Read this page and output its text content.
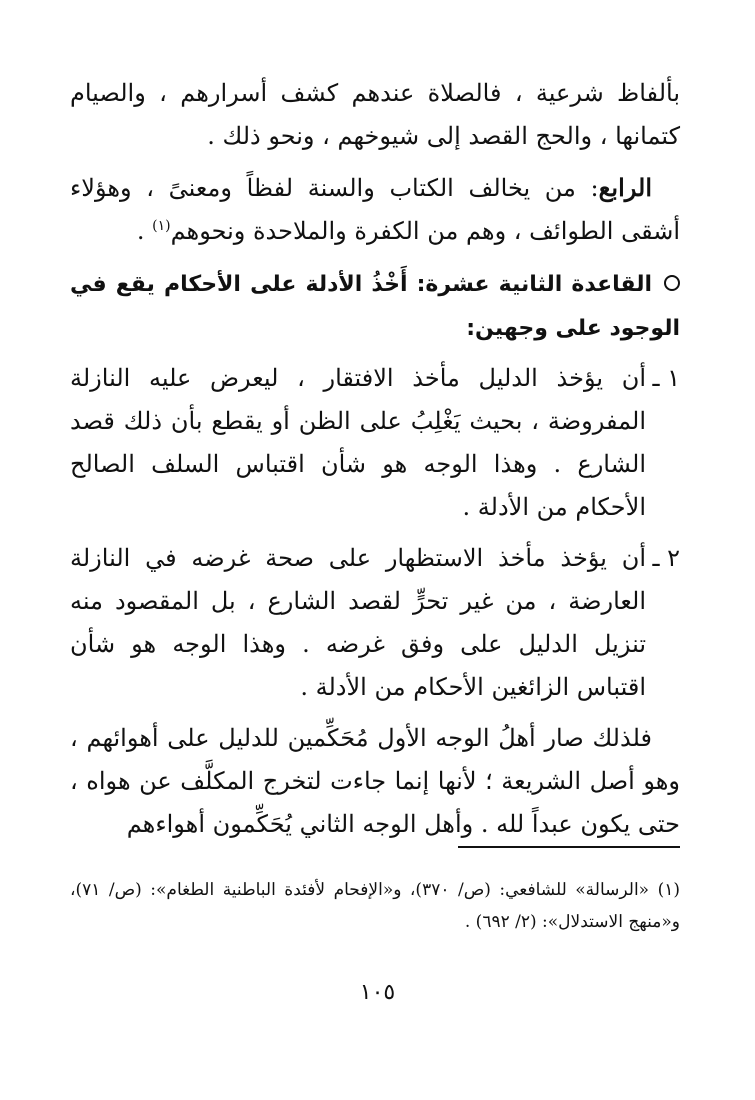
بألفاظ شرعية ، فالصلاة عندهم كشف أسرارهم ، والصيام كتمانها ، والحج القصد إلى شيوخهم ، ونحو ذلك .

الرابع: من يخالف الكتاب والسنة لفظاً ومعنىً ، وهؤلاء أشقى الطوائف ، وهم من الكفرة والملاحدة ونحوهم$^{(١)}$ .

القاعدة الثانية عشرة: أَخْذُ الأدلة على الأحكام يقع في الوجود على وجهين:
١ ـ
أن يؤخذ الدليل مأخذ الافتقار ، ليعرض عليه النازلة المفروضة ، بحيث يَغْلِبُ على الظن أو يقطع بأن ذلك قصد الشارع . وهذا الوجه هو شأن اقتباس السلف الصالح الأحكام من الأدلة .
٢ ـ
أن يؤخذ مأخذ الاستظهار على صحة غرضه في النازلة العارضة ، من غير تحرٍّ لقصد الشارع ، بل المقصود منه تنزيل الدليل على وفق غرضه . وهذا الوجه هو شأن اقتباس الزائغين الأحكام من الأدلة .

فلذلك صار أهلُ الوجه الأول مُحَكِّمين للدليل على أهوائهم ، وهو أصل الشريعة ؛ لأنها إنما جاءت لتخرج المكلَّف عن هواه ، حتى يكون عبداً لله . وأهل الوجه الثاني يُحَكِّمون أهواءهم

(١) «الرسالة» للشافعي: (ص/ ٣٧٠)، و«الإفحام لأفئدة الباطنية الطغام»: (ص/ ٧١)، و«منهج الاستدلال»: (٢/ ٦٩٢) .
١٠٥
